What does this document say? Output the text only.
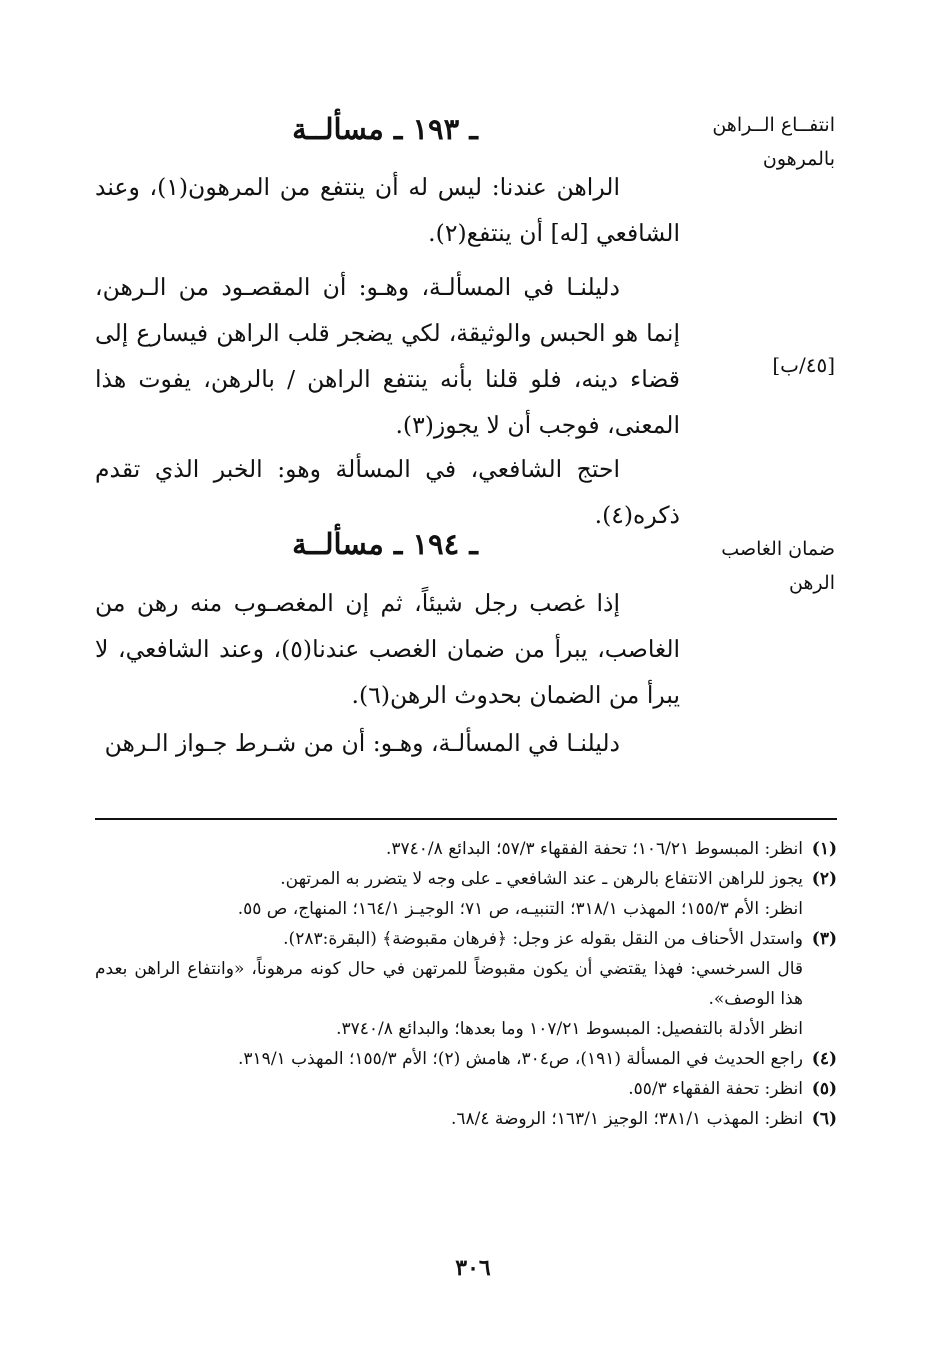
ـ ١٩٣ ـ مسألــة	انتفــاع الــراهن
بالمرهون
الراهن عندنا: ليس له أن ينتفع من المرهون(١)، وعند الشافعي [له] أن ينتفع(٢).
دليلنـا في المسألـة، وهـو: أن المقصـود من الـرهن، إنما هو الحبس والوثيقة، لكي يضجر قلب الراهن فيسارع إلى قضاء دينه، فلو قلنا بأنه ينتفع الراهن / بالرهن، يفوت هذا المعنى، فوجب أن لا يجوز(٣).
[٤٥/ب]
احتج الشافعي، في المسألة وهو: الخبر الذي تقدم ذكره(٤).
ـ ١٩٤ ـ مسألــة	ضمان الغاصب
الرهن
إذا غصب رجل شيئاً، ثم إن المغصـوب منه رهن من الغاصب، يبرأ من ضمان الغصب عندنا(٥)، وعند الشافعي، لا يبرأ من الضمان بحدوث الرهن(٦).
دليلنـا في المسألـة، وهـو: أن من شـرط جـواز الـرهن
(١)
انظر: المبسوط ١٠٦/٢١؛ تحفة الفقهاء ٥٧/٣؛ البدائع ٣٧٤٠/٨.
(٢)
يجوز للراهن الانتفاع بالرهن ـ عند الشافعي ـ على وجه لا يتضرر به المرتهن.
انظر: الأم ١٥٥/٣؛ المهذب ٣١٨/١؛ التنبيـه، ص ٧١؛ الوجيـز ١٦٤/١؛ المنهاج، ص ٥٥.
(٣)
واستدل الأحناف من النقل بقوله عز وجل: ﴿فرهان مقبوضة﴾ (البقرة:٢٨٣).
قال السرخسي: فهذا يقتضي أن يكون مقبوضاً للمرتهن في حال كونه مرهوناً، «وانتفاع الراهن بعدم هذا الوصف».
انظر الأدلة بالتفصيل: المبسوط ١٠٧/٢١ وما بعدها؛ والبدائع ٣٧٤٠/٨.
(٤)
راجع الحديث في المسألة (١٩١)، ص٣٠٤، هامش (٢)؛ الأم ١٥٥/٣؛ المهذب ٣١٩/١.
(٥)
انظر: تحفة الفقهاء ٥٥/٣.
(٦)
انظر: المهذب ٣٨١/١؛ الوجيز ١٦٣/١؛ الروضة ٦٨/٤.
٣٠٦
